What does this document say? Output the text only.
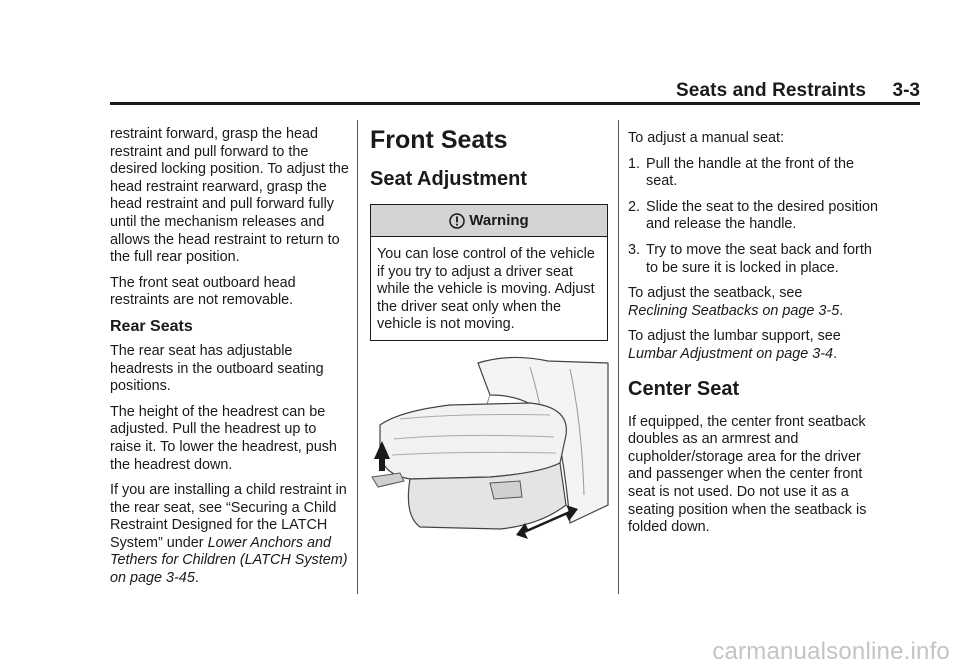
Seats and Restraints 3-3

restraint forward, grasp the head restraint and pull forward to the desired locking position. To adjust the head restraint rearward, grasp the head restraint and pull forward fully until the mechanism releases and allows the head restraint to return to the full rear position.

The front seat outboard head restraints are not removable.

Rear Seats

The rear seat has adjustable headrests in the outboard seating positions.

The height of the headrest can be adjusted. Pull the headrest up to raise it. To lower the headrest, push the headrest down.

If you are installing a child restraint in the rear seat, see “Securing a Child Restraint Designed for the LATCH System” under Lower Anchors and Tethers for Children (LATCH System) on page 3‑45.

Front Seats
Seat Adjustment
Warning
You can lose control of the vehicle if you try to adjust a driver seat while the vehicle is moving. Adjust the driver seat only when the vehicle is not moving.

To adjust a manual seat:

1. Pull the handle at the front of the seat.
2. Slide the seat to the desired position and release the handle.
3. Try to move the seat back and forth to be sure it is locked in place.

To adjust the seatback, see
Reclining Seatbacks on page 3‑5.

To adjust the lumbar support, see
Lumbar Adjustment on page 3‑4.

Center Seat

If equipped, the center front seatback doubles as an armrest and cupholder/storage area for the driver and passenger when the center front seat is not used. Do not use it as a seating position when the seatback is folded down.

carmanualsonline.info
